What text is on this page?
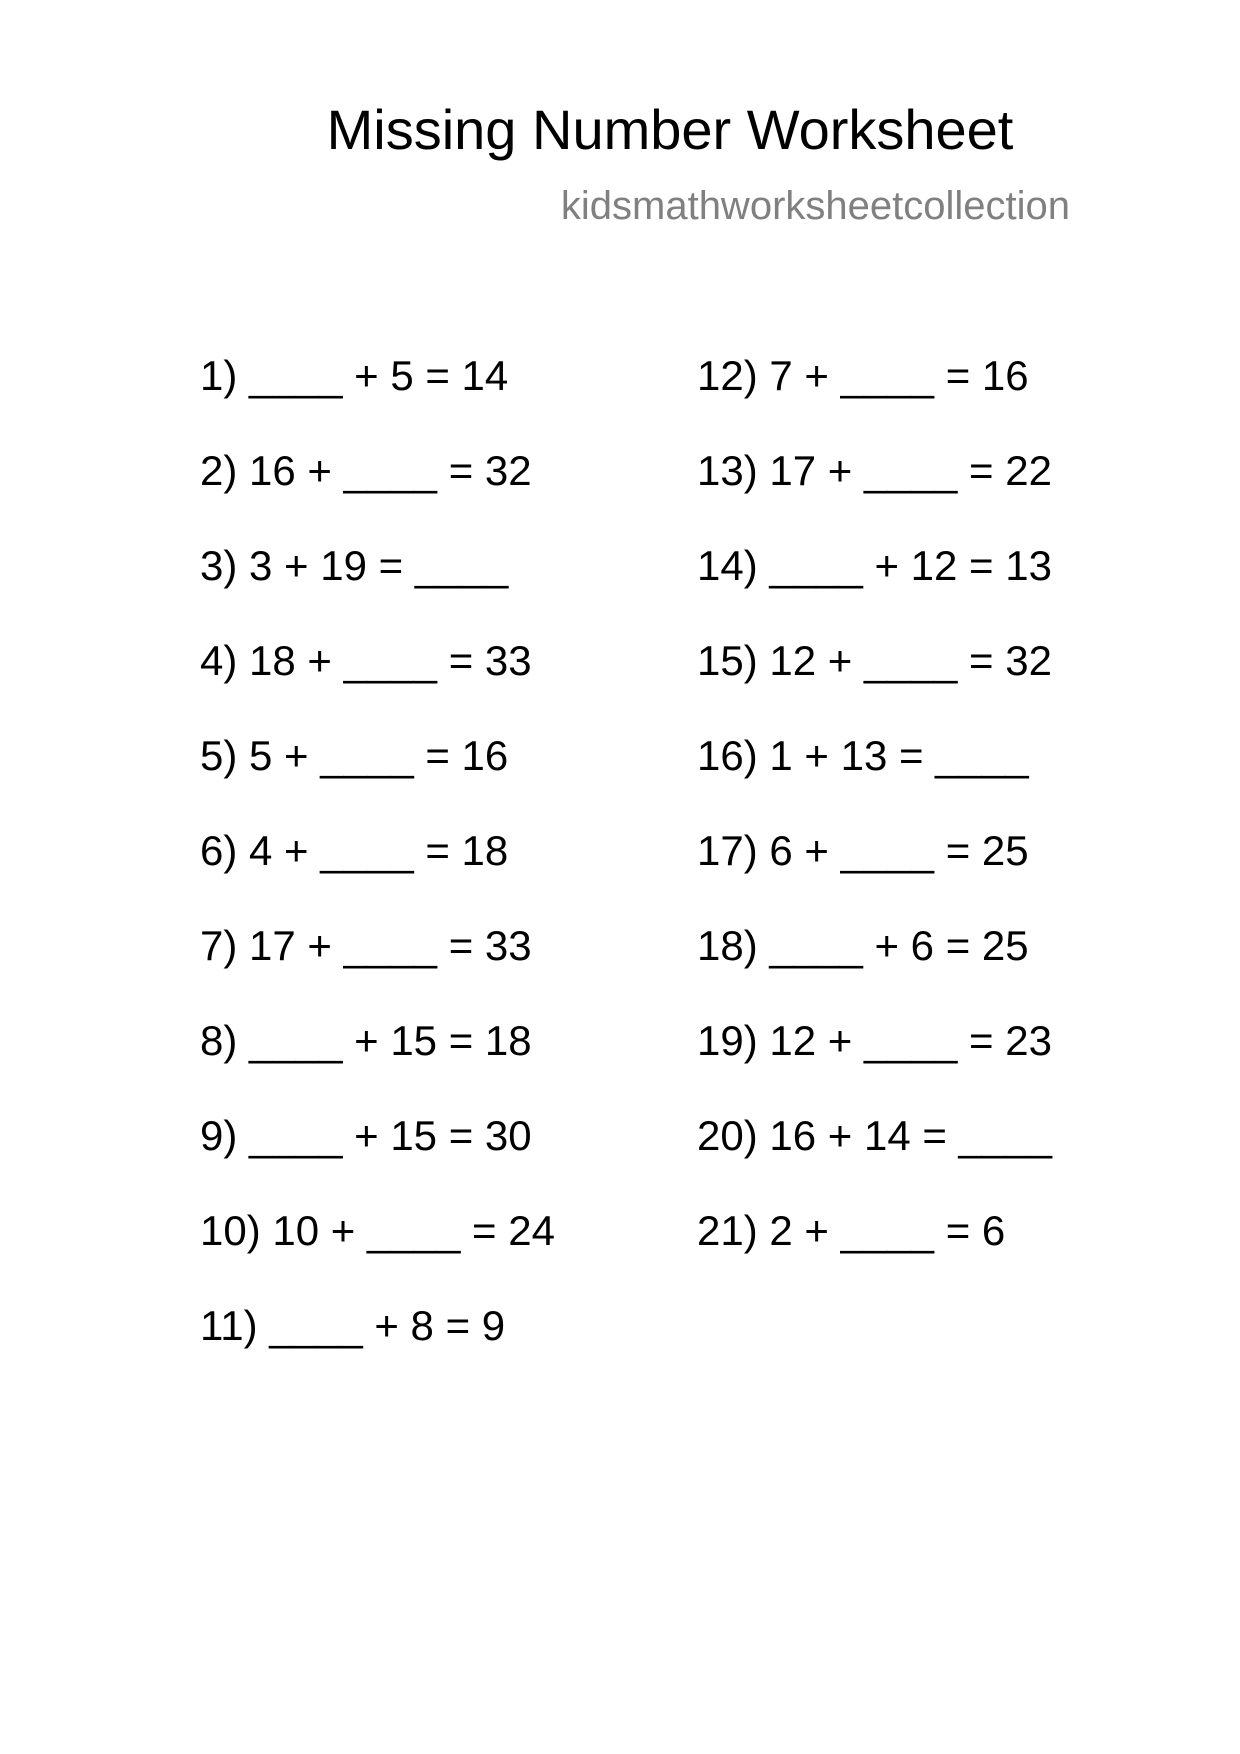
Missing Number Worksheet
kidsmathworksheetcollection
1) ____ + 5 = 14
2) 16 + ____ = 32
3) 3 + 19 = ____
4) 18 + ____ = 33
5) 5 + ____ = 16
6) 4 + ____ = 18
7) 17 + ____ = 33
8) ____ + 15 = 18
9) ____ + 15 = 30
10) 10 + ____ = 24
11) ____ + 8 = 9
12) 7 + ____ = 16
13) 17 + ____ = 22
14) ____ + 12 = 13
15) 12 + ____ = 32
16) 1 + 13 = ____
17) 6 + ____ = 25
18) ____ + 6 = 25
19) 12 + ____ = 23
20) 16 + 14 = ____
21) 2 + ____ = 6
